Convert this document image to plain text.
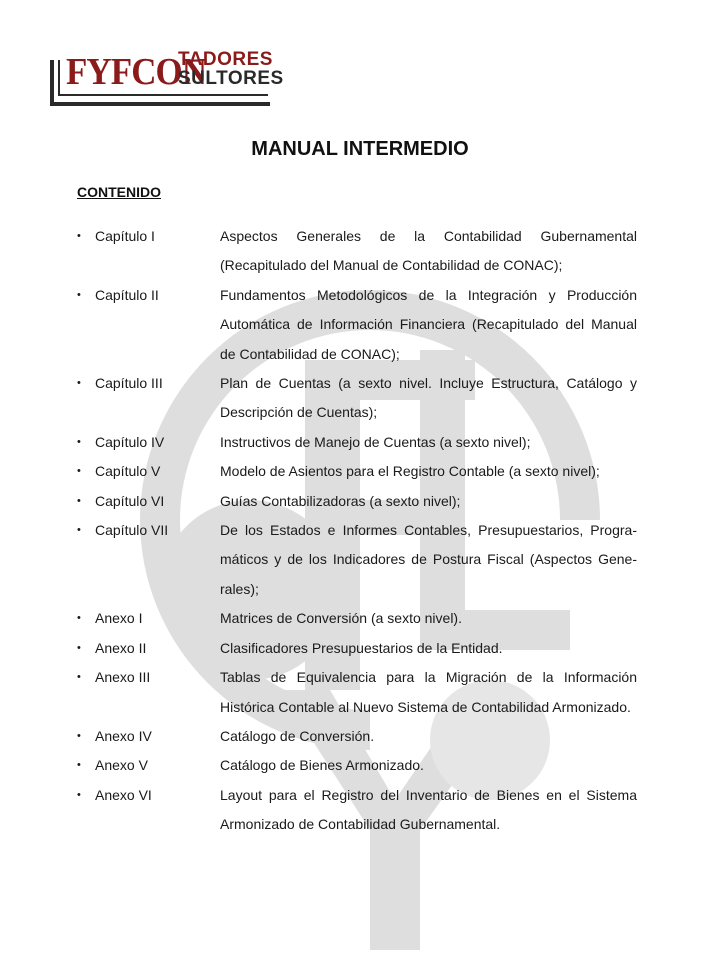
FYFCON
TADORES
SULTORES
MANUAL INTERMEDIO
CONTENIDO
•	Capítulo I	Aspectos Generales de la Contabilidad Gubernamental (Recapitulado del Manual de Contabilidad de CONAC);
•	Capítulo II	Fundamentos Metodológicos de la Integración y Producción Automática de Información Financiera (Recapitulado del Manual de Contabilidad de CONAC);
•	Capítulo III	Plan de Cuentas (a sexto nivel. Incluye Estructura, Catálogo y Descripción de Cuentas);
•	Capítulo IV	Instructivos de Manejo de Cuentas (a sexto nivel);
•	Capítulo V	Modelo de Asientos para el Registro Contable (a sexto nivel);
•	Capítulo VI	Guías Contabilizadoras (a sexto nivel);
•	Capítulo VII	De los Estados e Informes Contables, Presupuestarios, Progra-máticos y de los Indicadores de Postura Fiscal (Aspectos Gene-rales);
•	Anexo I	Matrices de Conversión (a sexto nivel).
•	Anexo II	Clasificadores Presupuestarios de la Entidad.
•	Anexo III	Tablas de Equivalencia para la Migración de la Información Histórica Contable al Nuevo Sistema de Contabilidad Armonizado.
•	Anexo IV	Catálogo de Conversión.
•	Anexo V	Catálogo de Bienes Armonizado.
•	Anexo VI	Layout para el Registro del Inventario de Bienes en el Sistema Armonizado de Contabilidad Gubernamental.
